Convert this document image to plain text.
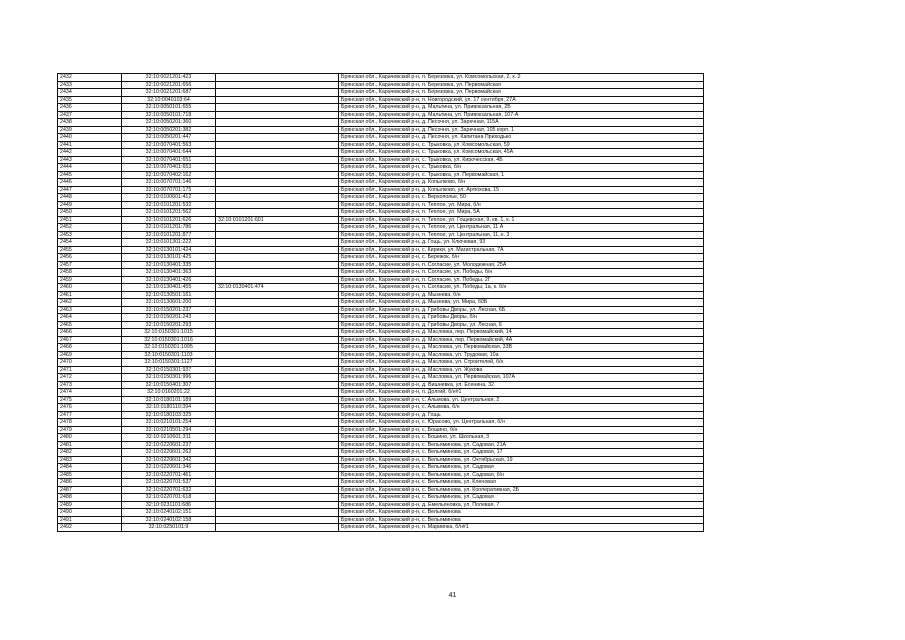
2432	32:10:0021201:423		Брянская обл., Карачевский р-н, п. Березовка, ул. Комсомольская, 2, к. 2
2433	32:10:0021201:656		Брянская обл., Карачевский р-н, п. Березовка, ул. Первомайская
2434	32:10:0021201:687		Брянская обл., Карачевский р-н, п. Березовка, ул. Первомайская
2435	32:10:0040103:64		Брянская обл., Карачевский р-н, п. Новгородский, ул. 17 сентября, 27А
2436	32:10:0050101:655		Брянская обл., Карачевский р-н, д. Мальтина, ул. Привокзальная, 2Б
2437	32:10:0050101:718		Брянская обл., Карачевский р-н, д. Мальтина, ул. Привокзальная, 107-А
2438	32:10:0050201:360		Брянская обл., Карачевский р-н, д. Песочня, ул. Заречная, 115А
2439	32:10:0050201:382		Брянская обл., Карачевский р-н, д. Песочня, ул. Заречная, 105 корп. 1
2440	32:10:0050201:447		Брянская обл., Карачевский р-н, д. Песочня, ул. Капитана Приходько
2441	32:10:0070401:563		Брянская обл., Карачевский р-н, с. Трыковка, ул. Комсомольская, 59
2442	32:10:0070401:644		Брянская обл., Карачевский р-н, с. Трыковка, ул. Комсомольская, 45А
2443	32:10:0070401:651		Брянская обл., Карачевский р-н, с. Трыковка, ул. Кирочесская, 4Б
2444	32:10:0070401:653		Брянская обл., Карачевский р-н, с. Трыковка, б/н
2445	32:10:0070402:162		Брянская обл., Карачевский р-н, с. Трыковка, ул. Первомайская, 1
2446	32:10:0070701:146		Брянская обл., Карачевский р-н, д. Копылково, б/н
2447	32:10:0070701:175		Брянская обл., Карачевский р-н, д. Копылково, ул. Артюхова, 15
2448	32:10:0100601:412		Брянская обл., Карачевский р-н, с. Верхополье, 50
2449	32:10:0101201:532		Брянская обл., Карачевский р-н, п. Теплое, ул. Мира, б/н
2450	32:10:0101201:562		Брянская обл., Карачевский р-н, п. Теплое, ул. Мира, 5А
2451	32:10:0101201:626	32:10:0101201:601	Брянская обл., Карачевский р-н, п. Теплое, ул. Гощевская, 9, кв. 1, к. 1
2452	32:10:0101201:786		Брянская обл., Карачевский р-н, п. Теплое, ул. Центральная, 11 А
2453	32:10:0101201:877		Брянская обл., Карачевский р-н, п. Теплое, ул. Центральная, 11, к. 3
2454	32:10:0101301:222		Брянская обл., Карачевский р-н, д. Гощь, ул. Ключевая, 93
2455	32:10:0130101:424		Брянская обл., Карачевский р-н, с. Кирики, ул. Магистральная, 7А
2456	32:10:0130101:425		Брянская обл., Карачевский р-н, с. Бережок, б/н
2457	32:10:0130401:335		Брянская обл., Карачевский р-н, п. Согласие, ул. Молодежная, 25А
2458	32:10:0130401:363		Брянская обл., Карачевский р-н, п. Согласие, ул. Победы, б/н
2459	32:10:0130401:426		Брянская обл., Карачевский р-н, п. Согласие, ул. Победы, 2Г
2460	32:10:0130401:455	32:10:0130401:474	Брянская обл., Карачевский р-н, п. Согласие, ул. Победы, 1а, к. б/н
2461	32:10:0130501:161		Брянская обл., Карачевский р-н, д. Мызнева, б/н
2462	32:10:0130601:200		Брянская обл., Карачевский р-н, д. Мызнева, ул. Мира, 60Б
2463	32:10:0150201:237		Брянская обл., Карачевский р-н, д. Грибовы Дворы, ул. Лесная, 6Б
2464	32:10:0150201:243		Брянская обл., Карачевский р-н, д. Грибовы Дворы, б/н
2465	32:10:0150201:293		Брянская обл., Карачевский р-н, д. Грибовы Дворы, ул. Лесная, 6
2466	32:10:0150301:1015		Брянская обл., Карачевский р-н, д. Масловка, пер. Первомайский, 14
2467	32:10:0150301:1016		Брянская обл., Карачевский р-н, д. Масловка, пер. Первомайский, 4А
2468	32:10:0150301:1095		Брянская обл., Карачевский р-н, д. Масловка, ул. Первомайская, 33В
2469	32:10:0150301:1103		Брянская обл., Карачевский р-н, д. Масловка, ул. Трудовая, 10а
2470	32:10:0150301:1127		Брянская обл., Карачевский р-н, д. Масловка, ул. Строителей, б/н
2471	32:10:0150301:937		Брянская обл., Карачевский р-н, д. Масловка, ул. Жукова
2472	32:10:0150301:996		Брянская обл., Карачевский р-н, д. Масловка, ул. Первомайская, 107А
2473	32:10:0150401:307		Брянская обл., Карачевский р-н, д. Вишневка, ул. Есенина, 32
2474	32:10:0160201:22		Брянская обл., Карачевский р-н, п. Долгий, б/н#1
2475	32:10:0180101:189		Брянская обл., Карачевский р-н, с. Альмова, ул. Центральная, 2
2476	32:10:0180110:394		Брянская обл., Карачевский р-н, с. Альмова, б/н
2477	32:10:0180103:325		Брянская обл., Карачевский р-н, д. Гощь
2478	32:10:0210101:254		Брянская обл., Карачевский р-н, с. Юрасово, ул. Центральная, б/н
2479	32:10:0210501:294		Брянская обл., Карачевский р-н, с. Бошино, б/н
2480	32:10:0210601:311		Брянская обл., Карачевский р-н, с. Бошино, ул. Школьная, 3
2481	32:10:0220601:237		Брянская обл., Карачевский р-н, с. Вельяминова, ул. Садовая, 21А
2482	32:10:0220601:262		Брянская обл., Карачевский р-н, с. Вельяминова, ул. Садовая, 17
2483	32:10:0220601:342		Брянская обл., Карачевский р-н, с. Вельяминова, ул. Октябрьская, 19
2484	32:10:0220601:346		Брянская обл., Карачевский р-н, с. Вельяминова, ул. Садовая
2485	32:10:0220701:461		Брянская обл., Карачевский р-н, с. Вельяминова, ул. Садовая, б/н
2486	32:10:0220701:537		Брянская обл., Карачевский р-н, с. Вельяминова, ул. Кленовая
2487	32:10:0220701:632		Брянская обл., Карачевский р-н, с. Вельяминова, ул. Кооперативная, 2Б
2488	32:10:0220701:618		Брянская обл., Карачевский р-н, с. Вельяминова, ул. Садовая
2489	32:10:0231101:686		Брянская обл., Карачевский р-н, д. Емельяновка, ул. Полевая, 7
2490	32:10:0240102:151		Брянская обл., Карачевский р-н, с. Вельяминова
2491	32:10:0240102:158		Брянская обл., Карачевский р-н, с. Вельяминова
2492	32:10:0250101:9		Брянская обл., Карачевский р-н, п. Мариинка, б/н#1
41
